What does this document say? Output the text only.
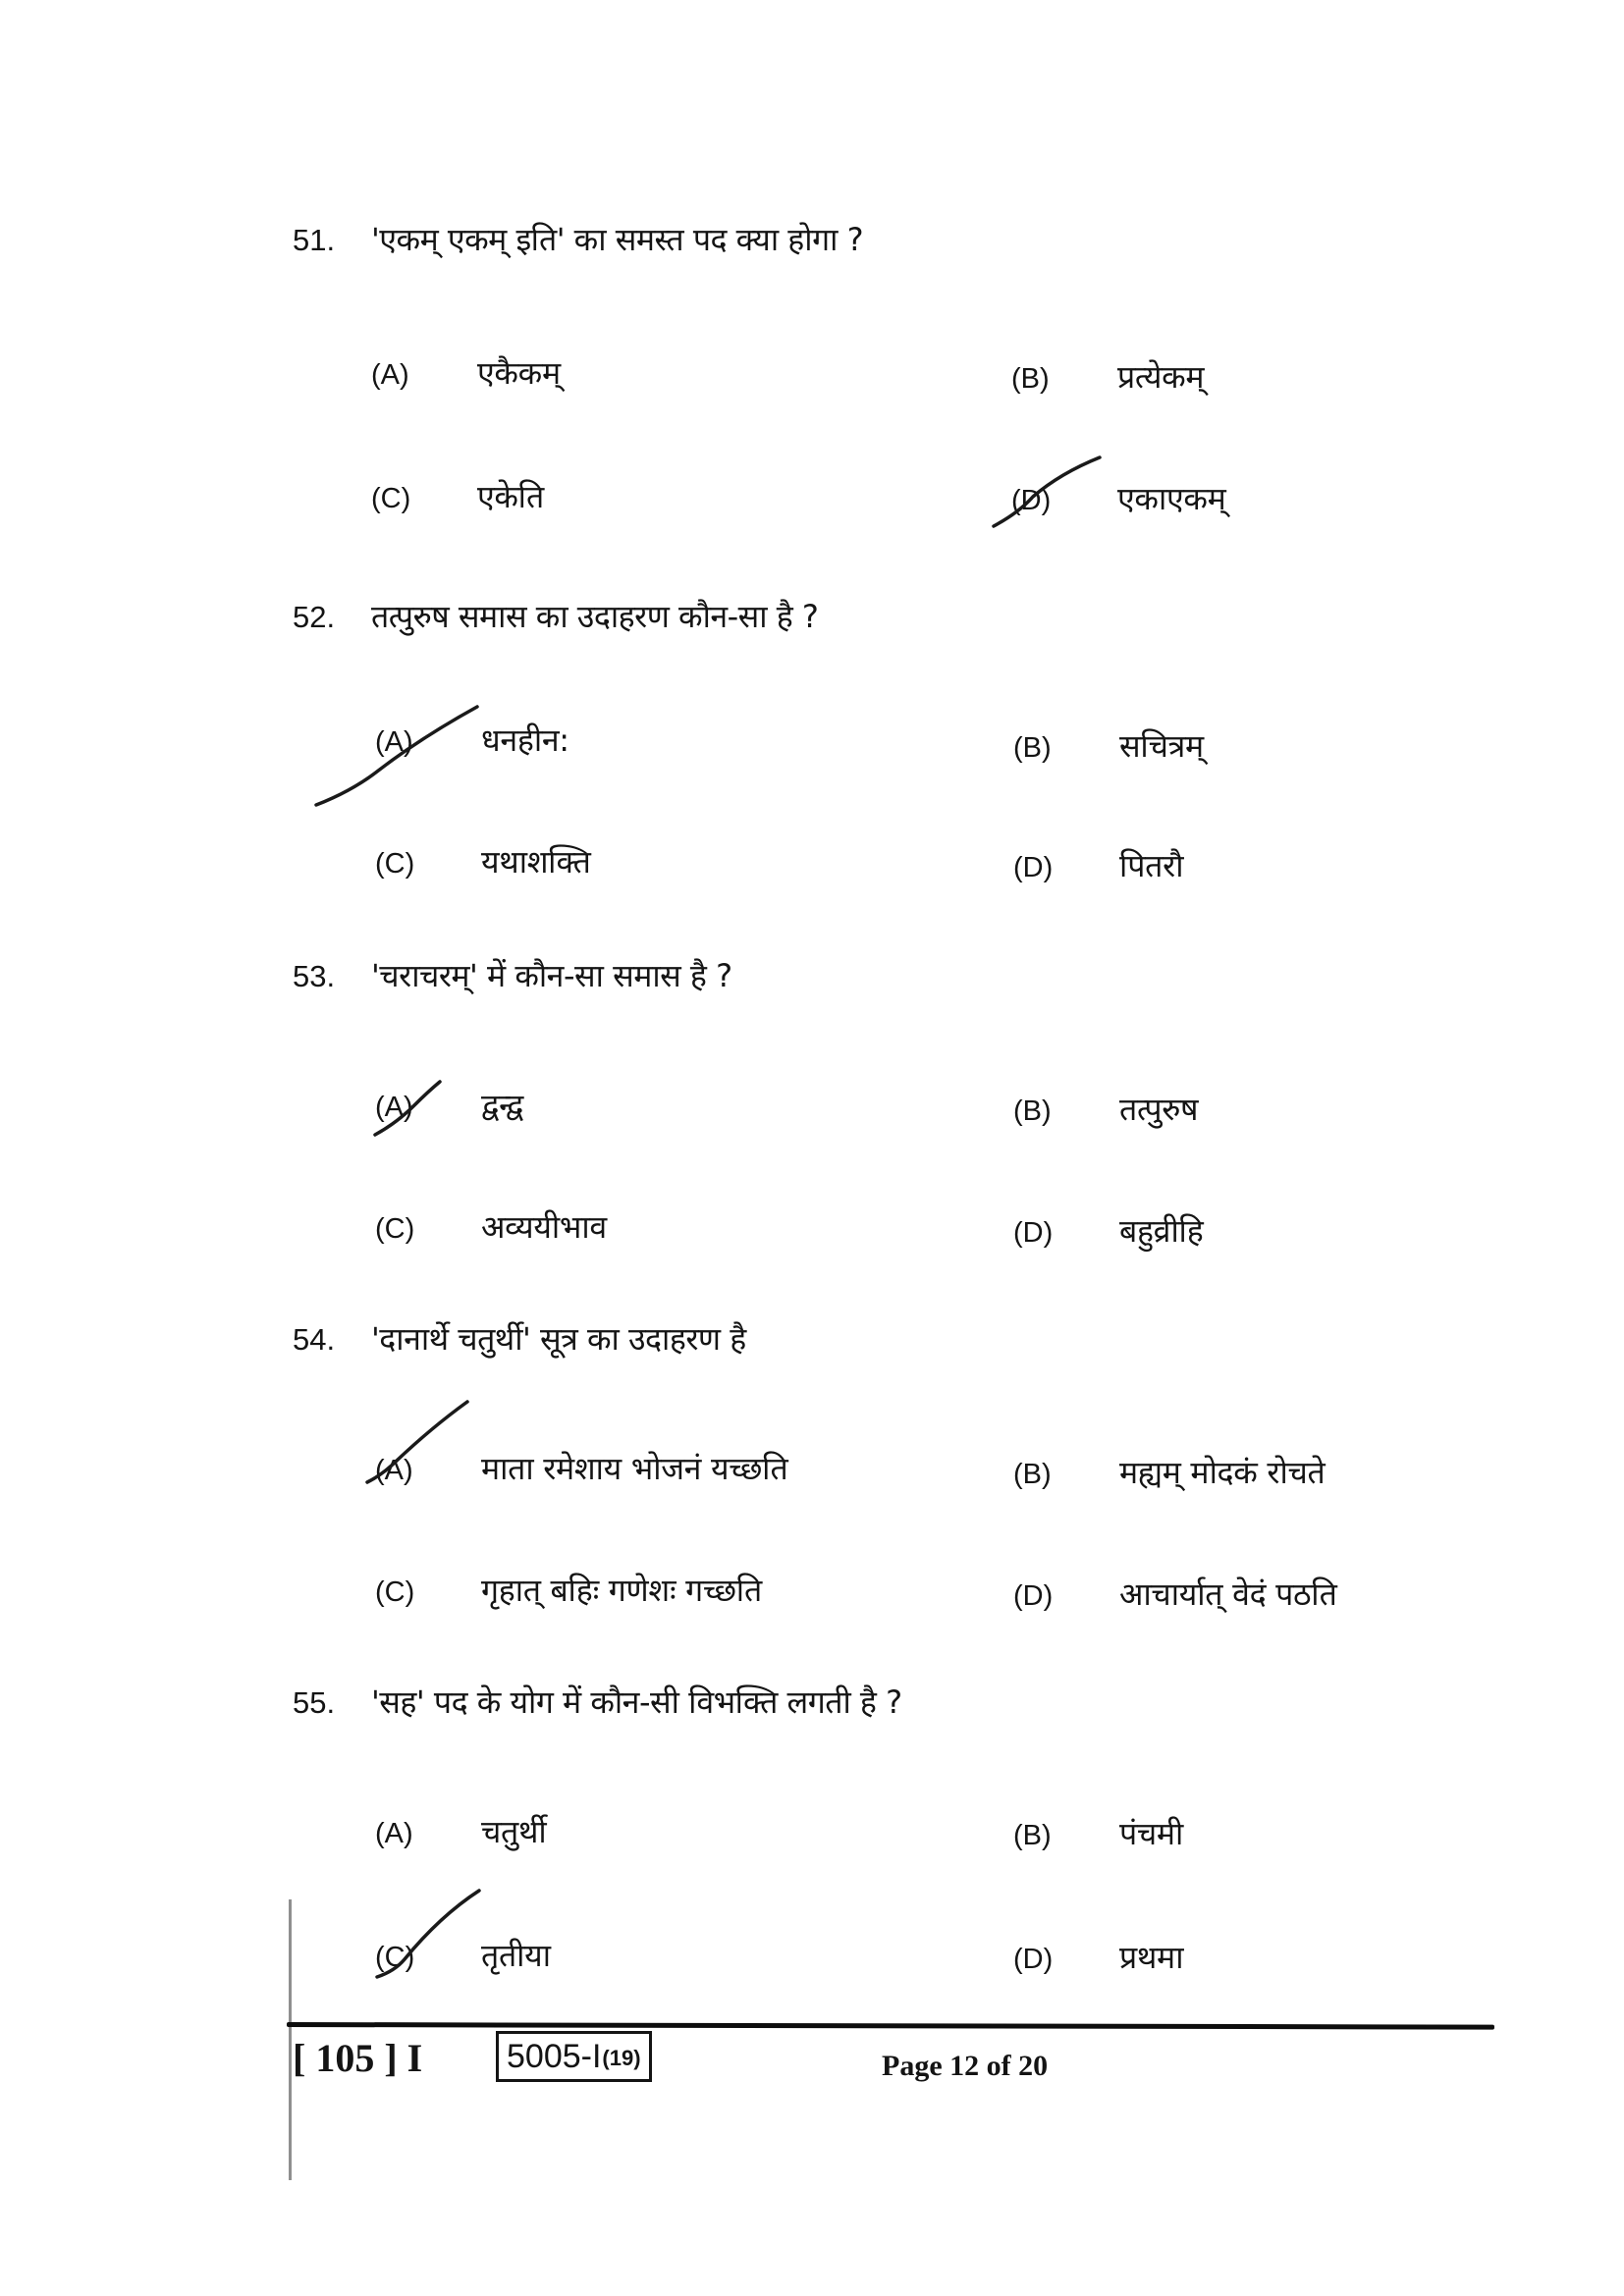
51.	'एकम् एकम् इति' का समस्त पद क्या होगा ?
(A)	एकैकम्	(B)	प्रत्येकम्
(C)	एकेति	(D)	एकाएकम्
52.	तत्पुरुष समास का उदाहरण कौन-सा है ?
(A)	धनहीन:	(B)	सचित्रम्
(C)	यथाशक्ति	(D)	पितरौ
53.	'चराचरम्' में कौन-सा समास है ?
(A)	द्वन्द्व	(B)	तत्पुरुष
(C)	अव्ययीभाव	(D)	बहुव्रीहि
54.	'दानार्थे चतुर्थी' सूत्र का उदाहरण है
(A)	माता रमेशाय भोजनं यच्छति	(B)	मह्यम् मोदकं रोचते
(C)	गृहात् बहिः गणेशः गच्छति	(D)	आचार्यात् वेदं पठति
55.	'सह' पद के योग में कौन-सी विभक्ति लगती है ?
(A)	चतुर्थी	(B)	पंचमी
(C)	तृतीया	(D)	प्रथमा
[ 105 ] I	5005-I (19)	Page 12 of 20
